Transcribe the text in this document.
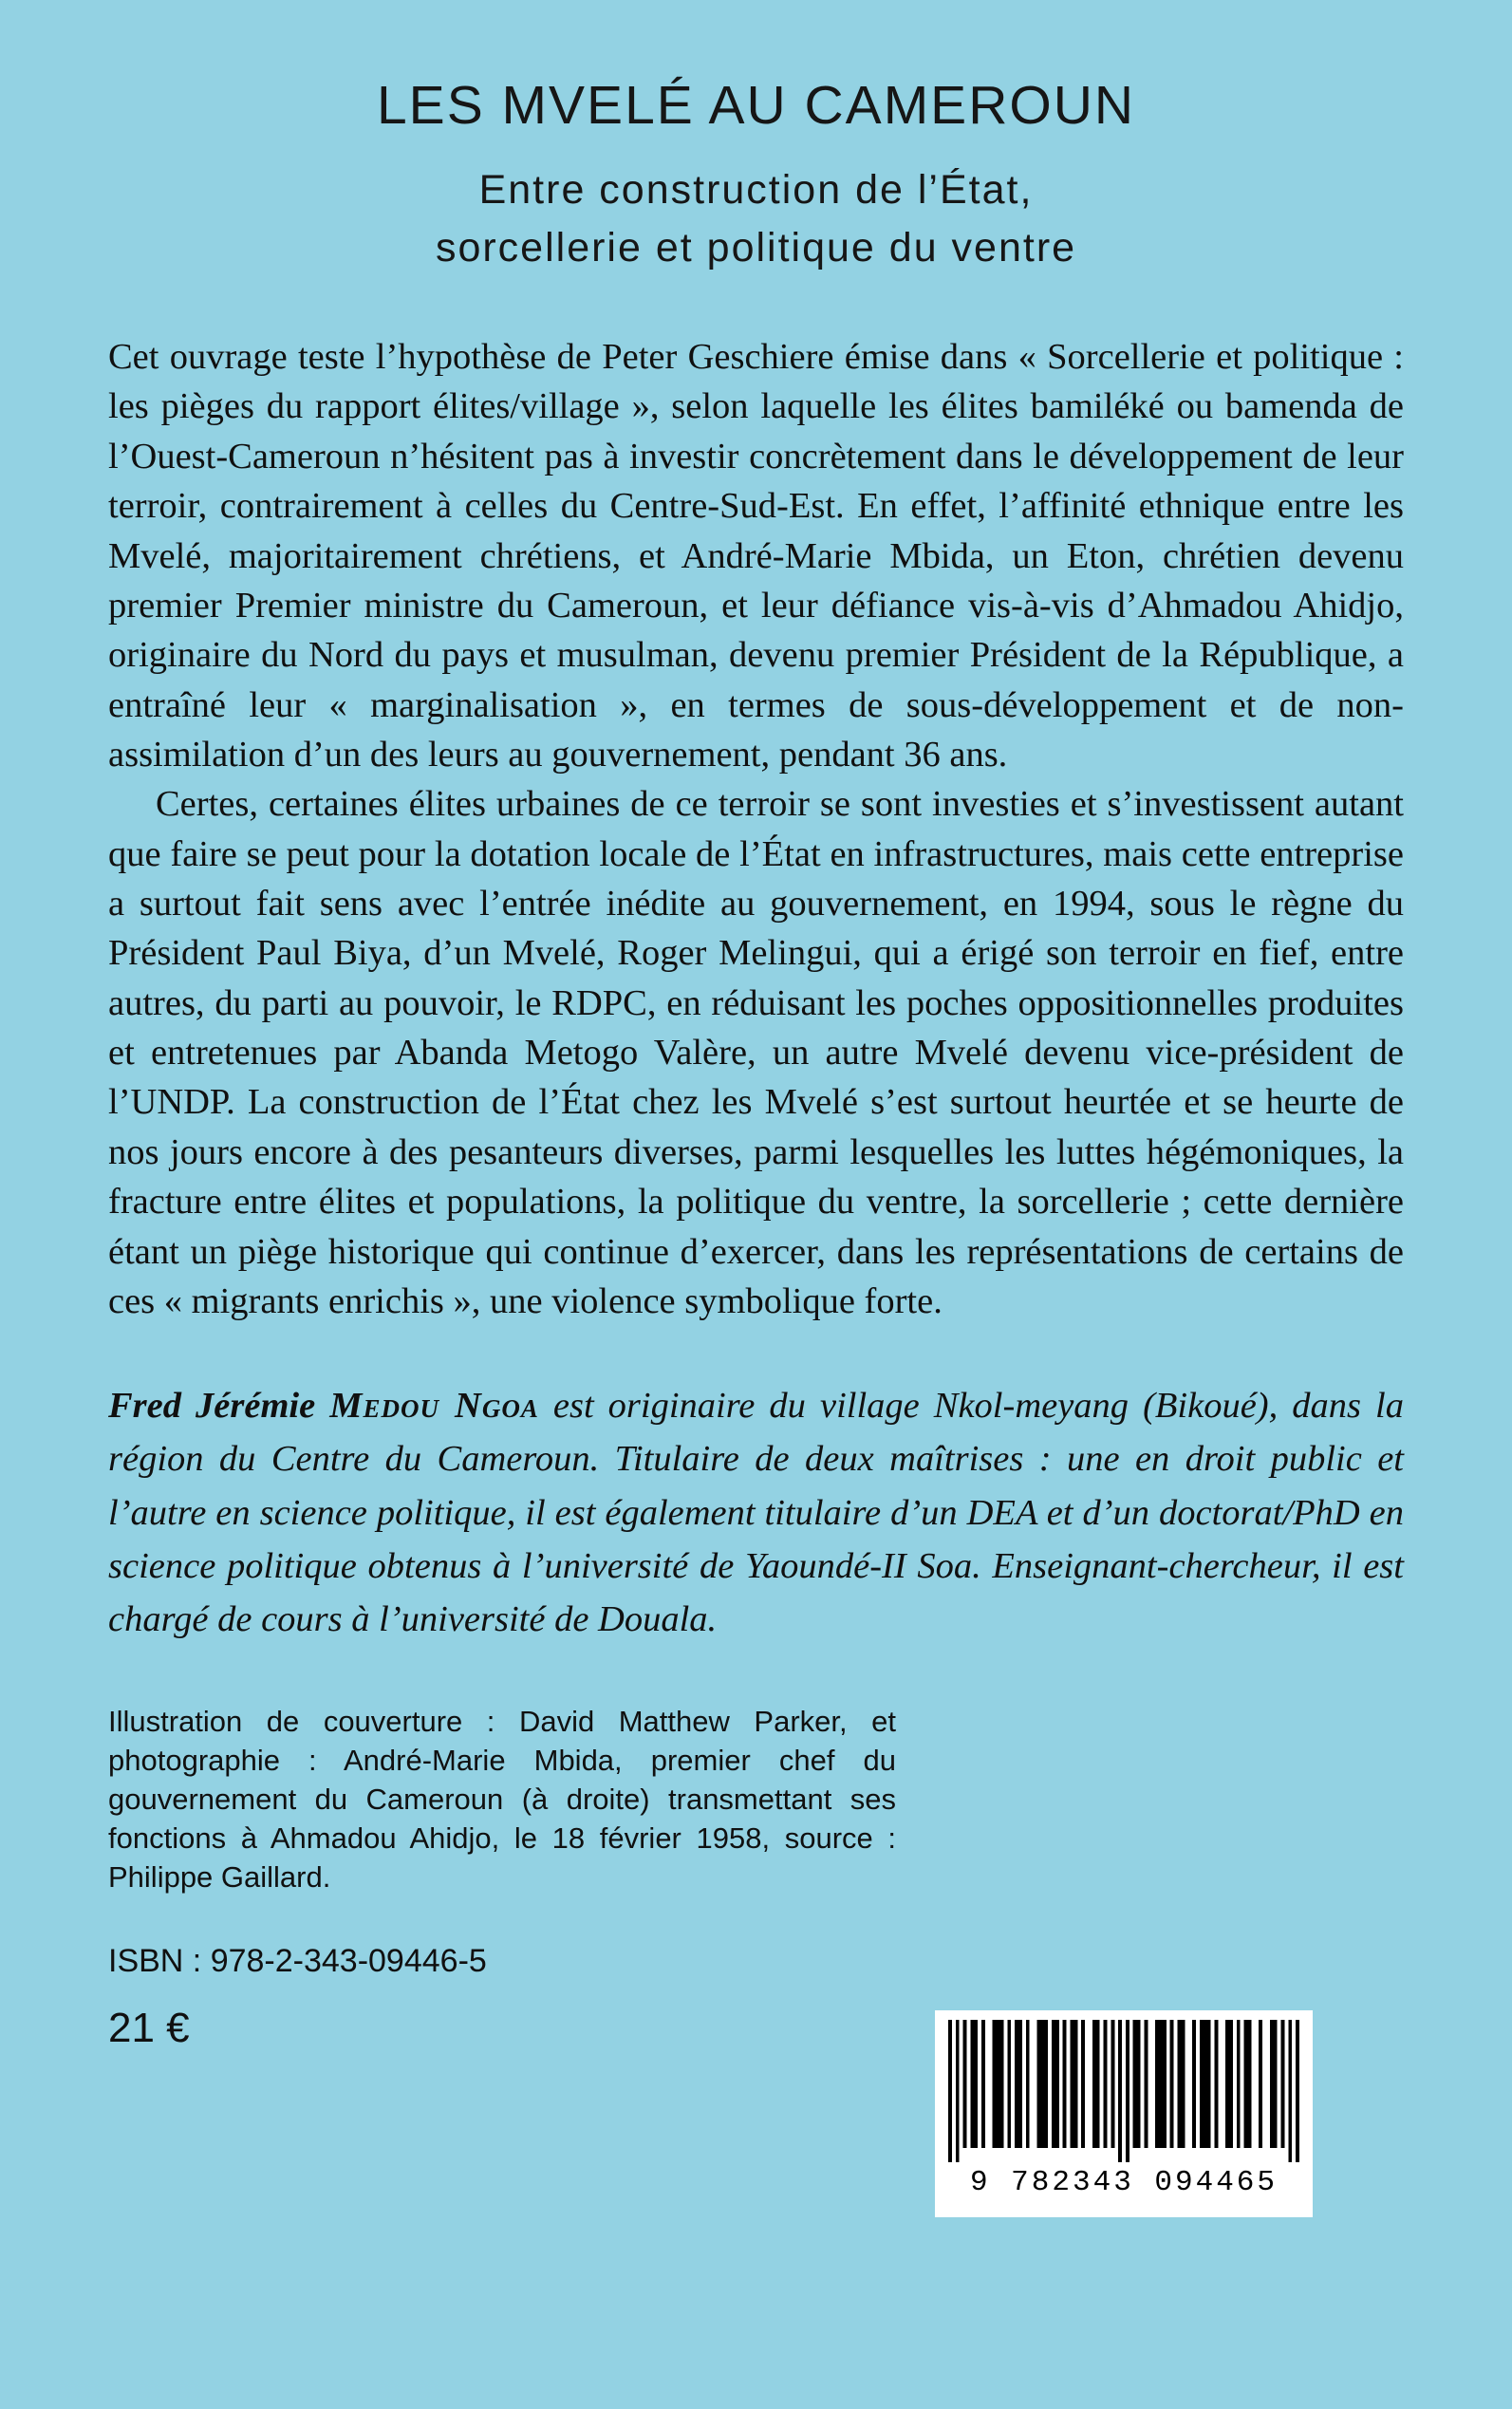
LES MVELÉ AU CAMEROUN
Entre construction de l’État,
sorcellerie et politique du ventre

Cet ouvrage teste l’hypothèse de Peter Geschiere émise dans « Sorcellerie et politique : les pièges du rapport élites/village », selon laquelle les élites bamiléké ou bamenda de l’Ouest-Cameroun n’hésitent pas à investir concrètement dans le développement de leur terroir, contrairement à celles du Centre-Sud-Est. En effet, l’affinité ethnique entre les Mvelé, majoritairement chrétiens, et André-Marie Mbida, un Eton, chrétien devenu premier Premier ministre du Cameroun, et leur défiance vis-à-vis d’Ahmadou Ahidjo, originaire du Nord du pays et musulman, devenu premier Président de la République, a entraîné leur « marginalisation », en termes de sous-développement et de non-assimilation d’un des leurs au gouvernement, pendant 36 ans.

Certes, certaines élites urbaines de ce terroir se sont investies et s’investissent autant que faire se peut pour la dotation locale de l’État en infrastructures, mais cette entreprise a surtout fait sens avec l’entrée inédite au gouvernement, en 1994, sous le règne du Président Paul Biya, d’un Mvelé, Roger Melingui, qui a érigé son terroir en fief, entre autres, du parti au pouvoir, le RDPC, en réduisant les poches oppositionnelles produites et entretenues par Abanda Metogo Valère, un autre Mvelé devenu vice-président de l’UNDP. La construction de l’État chez les Mvelé s’est surtout heurtée et se heurte de nos jours encore à des pesanteurs diverses, parmi lesquelles les luttes hégémoniques, la fracture entre élites et populations, la politique du ventre, la sorcellerie ; cette dernière étant un piège historique qui continue d’exercer, dans les représentations de certains de ces « migrants enrichis », une violence symbolique forte.

Fred Jérémie Medou Ngoa est originaire du village Nkol-meyang (Bikoué), dans la région du Centre du Cameroun. Titulaire de deux maîtrises : une en droit public et l’autre en science politique, il est également titulaire d’un DEA et d’un doctorat/PhD en science politique obtenus à l’université de Yaoundé-II Soa. Enseignant-chercheur, il est chargé de cours à l’université de Douala.

Illustration de couverture : David Matthew Parker, et photographie : André-Marie Mbida, premier chef du gouvernement du Cameroun (à droite) transmettant ses fonctions à Ahmadou Ahidjo, le 18 février 1958, source : Philippe Gaillard.

ISBN : 978-2-343-09446-5

21 €

9 782343 094465
